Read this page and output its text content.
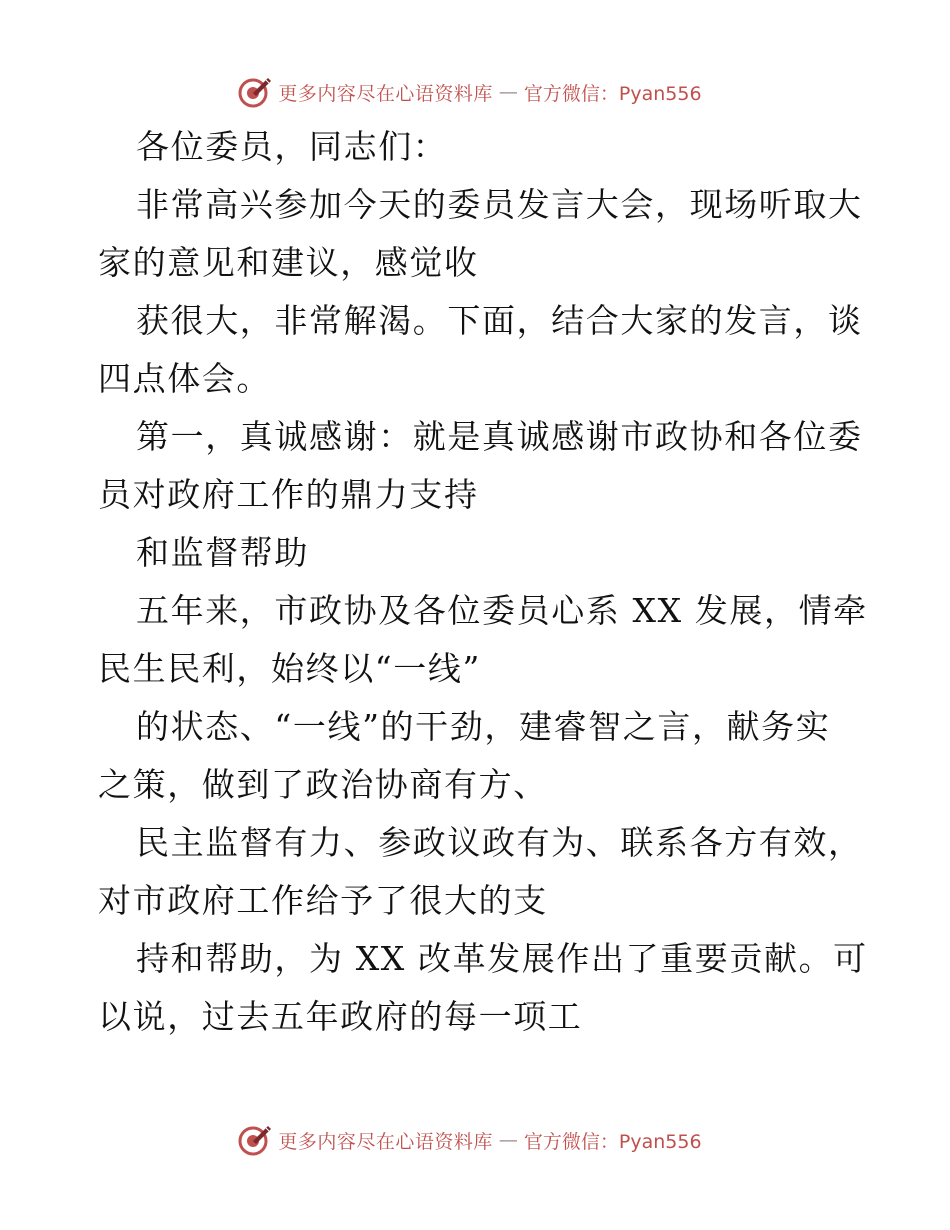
更多内容尽在心语资料库 — 官方微信：Pyan556
各位委员，同志们：
非常高兴参加今天的委员发言大会，现场听取大
家的意见和建议，感觉收
获很大，非常解渴。下面，结合大家的发言，谈
四点体会。
第一，真诚感谢：就是真诚感谢市政协和各位委
员对政府工作的鼎力支持
和监督帮助
五年来，市政协及各位委员心系 XX 发展，情牵
民生民利，始终以“一线”
的状态、“一线”的干劲，建睿智之言，献务实
之策，做到了政治协商有方、
民主监督有力、参政议政有为、联系各方有效，
对市政府工作给予了很大的支
持和帮助，为 XX 改革发展作出了重要贡献。可
以说，过去五年政府的每一项工
更多内容尽在心语资料库 — 官方微信：Pyan556
